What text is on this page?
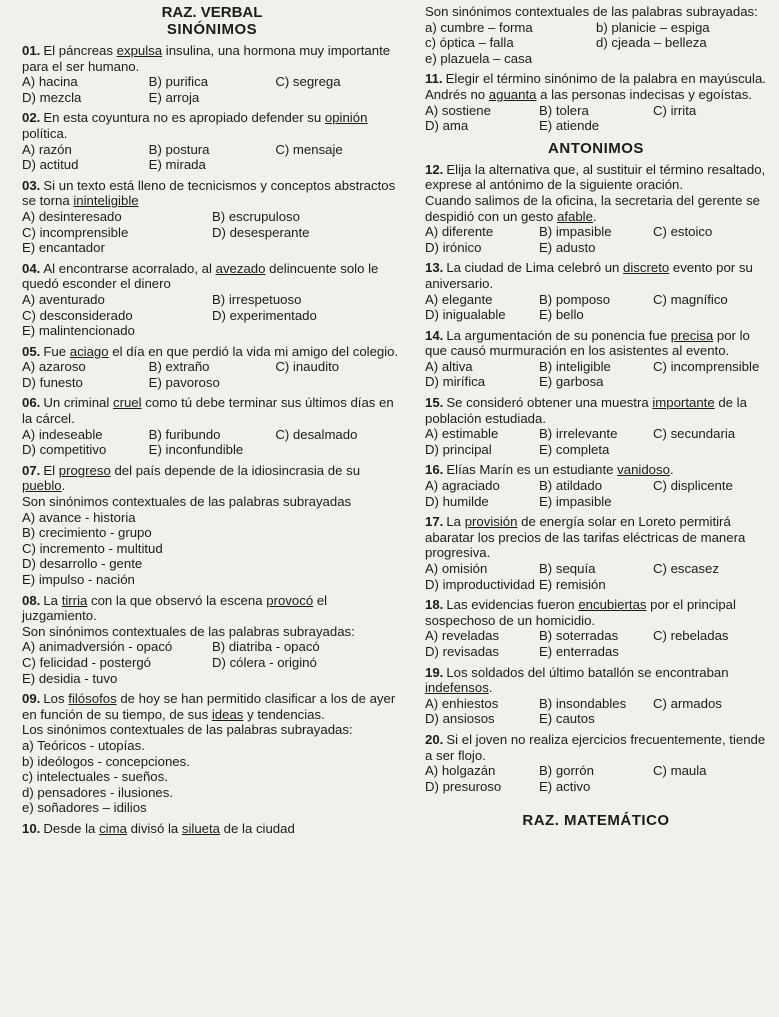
RAZ. VERBAL
SINÓNIMOS

01. El páncreas expulsa insulina, una hormona muy importante para el ser humano.

A) hacina	B) purifica	C) segrega
D) mezcla	E) arroja

02. En esta coyuntura no es apropiado defender su opinión política.

A) razón	B) postura	C) mensaje
D) actitud	E) mirada

03. Si un texto está lleno de tecnicismos y conceptos abstractos se torna ininteligible

A) desinteresado	B) escrupuloso
C) incomprensible	D) desesperante
E) encantador

04. Al encontrarse acorralado, al avezado delincuente solo le quedó esconder el dinero

A) aventurado	B) irrespetuoso
C) desconsiderado	D) experimentado
E) malintencionado

05. Fue aciago el día en que perdió la vida mi amigo del colegio.

A) azaroso	B) extraño	C) inaudito
D) funesto	E) pavoroso

06. Un criminal cruel como tú debe terminar sus últimos días en la cárcel.

A) indeseable	B) furibundo	C) desalmado
D) competitivo	E) inconfundible

07. El progreso del país depende de la idiosincrasia de su pueblo.

Son sinónimos contextuales de las palabras subrayadas

A) avance - historia
B) crecimiento - grupo
C) incremento - multitud
D) desarrollo - gente
E) impulso - nación

08. La tirria con la que observó la escena provocó el juzgamiento.

Son sinónimos contextuales de las palabras subrayadas:

A) animadversión - opacó	B) diatriba - opacó
C) felicidad - postergó	D) cólera - originó
E) desidia - tuvo

09. Los filósofos de hoy se han permitido clasificar a los de ayer en función de su tiempo, de sus ideas y tendencias.

Los sinónimos contextuales de las palabras subrayadas:

a) Teóricos - utopías.
b) ideólogos - concepciones.
c) intelectuales - sueños.
d) pensadores - ilusiones.
e) soñadores – idilios

10. Desde la cima divisó la silueta de la ciudad

Son sinónimos contextuales de las palabras subrayadas:

a) cumbre – forma	b) planicie – espiga
c) óptica – falla	d) cjeada – belleza
e) plazuela – casa

11. Elegir el término sinónimo de la palabra en mayúscula.

Andrés no aguanta a las personas indecisas y egoístas.

A) sostiene	B) tolera	C) irrita
D) ama	E) atiende
ANTONIMOS

12. Elija la alternativa que, al sustituir el término resaltado, exprese al antónimo de la siguiente oración.

Cuando salimos de la oficina, la secretaria del gerente se despidió con un gesto afable.

A) diferente	B) impasible	C) estoico
D) irónico	E) adusto

13. La ciudad de Lima celebró un discreto evento por su aniversario.

A) elegante	B) pomposo	C) magnífico
D) inigualable	E) bello

14. La argumentación de su ponencia fue precisa por lo que causó murmuración en los asistentes al evento.

A) altiva	B) inteligible	C) incomprensible
D) mirífica	E) garbosa

15. Se consideró obtener una muestra importante de la población estudiada.

A) estimable	B) irrelevante	C) secundaria
D) principal	E) completa

16. Elías Marín es un estudiante vanidoso.

A) agraciado	B) atildado	C) displicente
D) humilde	E) impasible

17. La provisión de energía solar en Loreto permitirá abaratar los precios de las tarifas eléctricas de manera progresiva.

A) omisión	B) sequía	C) escasez
D) improductividad E) remisión

18. Las evidencias fueron encubiertas por el principal sospechoso de un homicidio.

A) reveladas	B) soterradas	C) rebeladas
D) revisadas	E) enterradas

19. Los soldados del último batallón se encontraban indefensos.

A) enhiestos	B) insondables	C) armados
D) ansiosos	E) cautos

20. Si el joven no realiza ejercicios frecuentemente, tiende a ser flojo.

A) holgazán	B) gorrón	C) maula
D) presuroso	E) activo
RAZ. MATEMÁTICO
